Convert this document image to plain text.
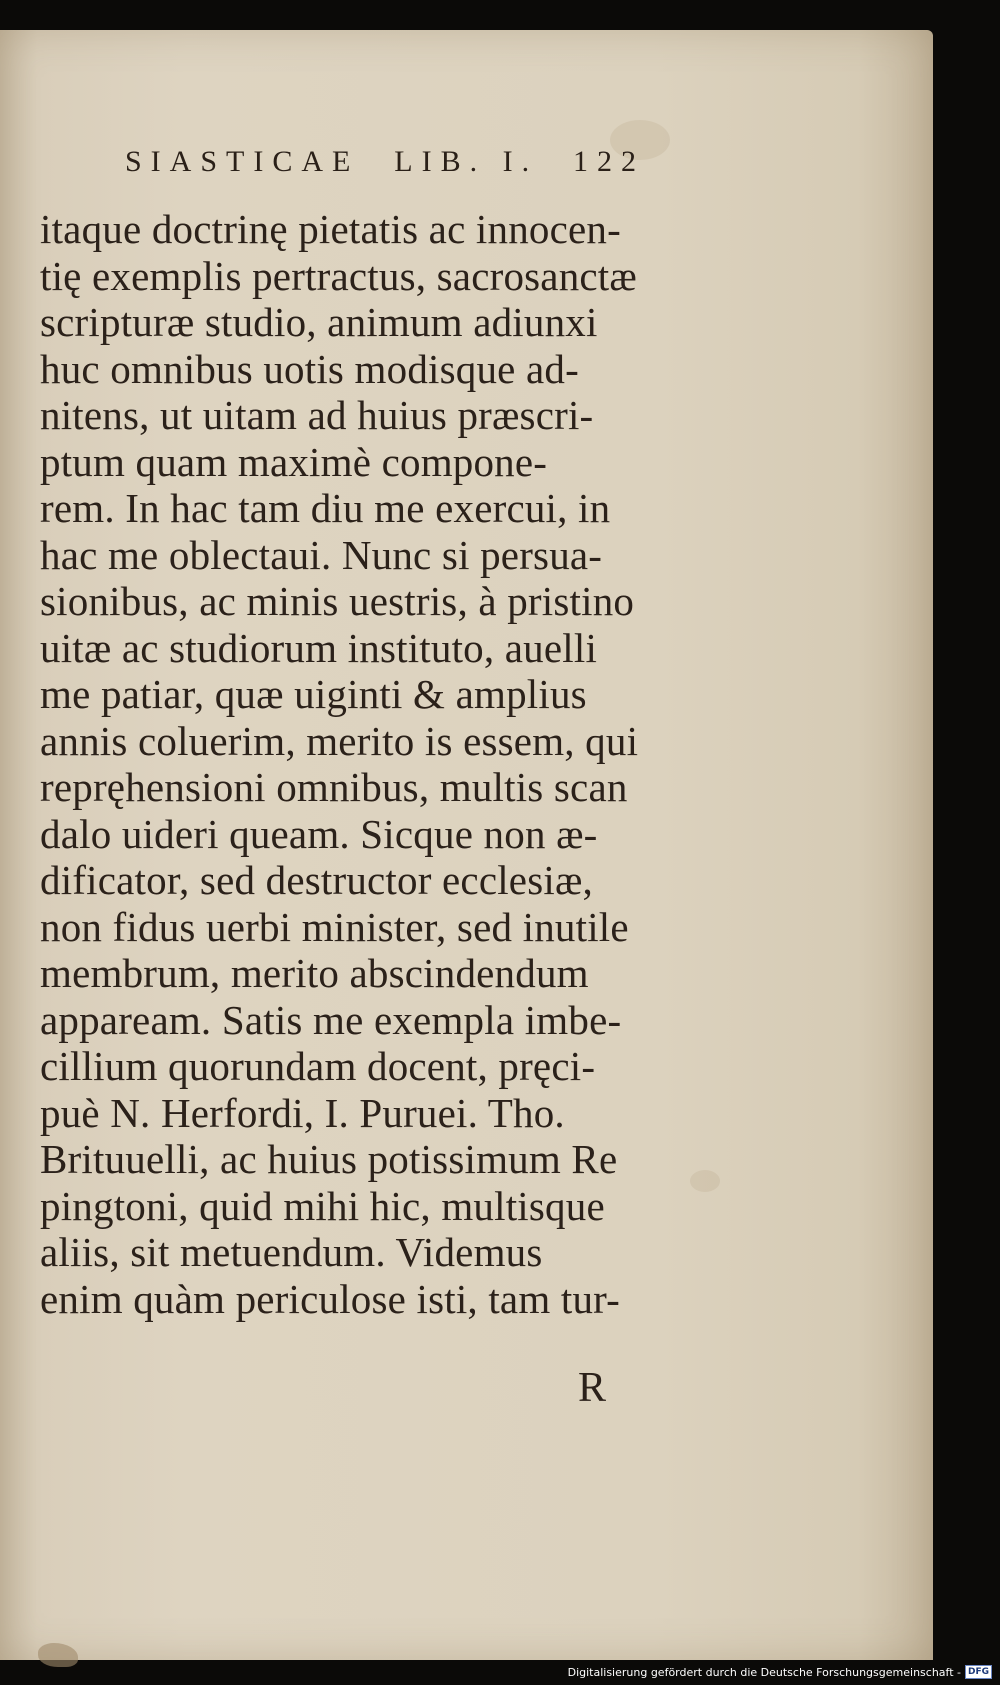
SIASTICAE LIB. I. 122
itaque doctrinę pietatis ac innocen-
tię exemplis pertractus, sacrosanctæ
scripturæ studio, animum adiunxi
huc omnibus uotis modisque ad-
nitens, ut uitam ad huius præscri-
ptum quam maximè compone-
rem. In hac tam diu me exercui, in
hac me oblectaui. Nunc si persua-
sionibus, ac minis uestris, à pristino
uitæ ac studiorum instituto, auelli
me patiar, quæ uiginti & amplius
annis coluerim, merito is essem, qui
repręhensioni omnibus, multis scan
dalo uideri queam. Sicque non æ-
dificator, sed destructor ecclesiæ,
non fidus uerbi minister, sed inutile
membrum, merito abscindendum
appaream. Satis me exempla imbe-
cillium quorundam docent, pręci-
puè N. Herfordi, I. Puruei. Tho.
Brituuelli, ac huius potissimum Re
pingtoni, quid mihi hic, multisque
aliis, sit metuendum. Videmus
enim quàm periculose isti, tam tur-
R
Digitalisierung gefördert durch die Deutsche Forschungsgemeinschaft - DFG
